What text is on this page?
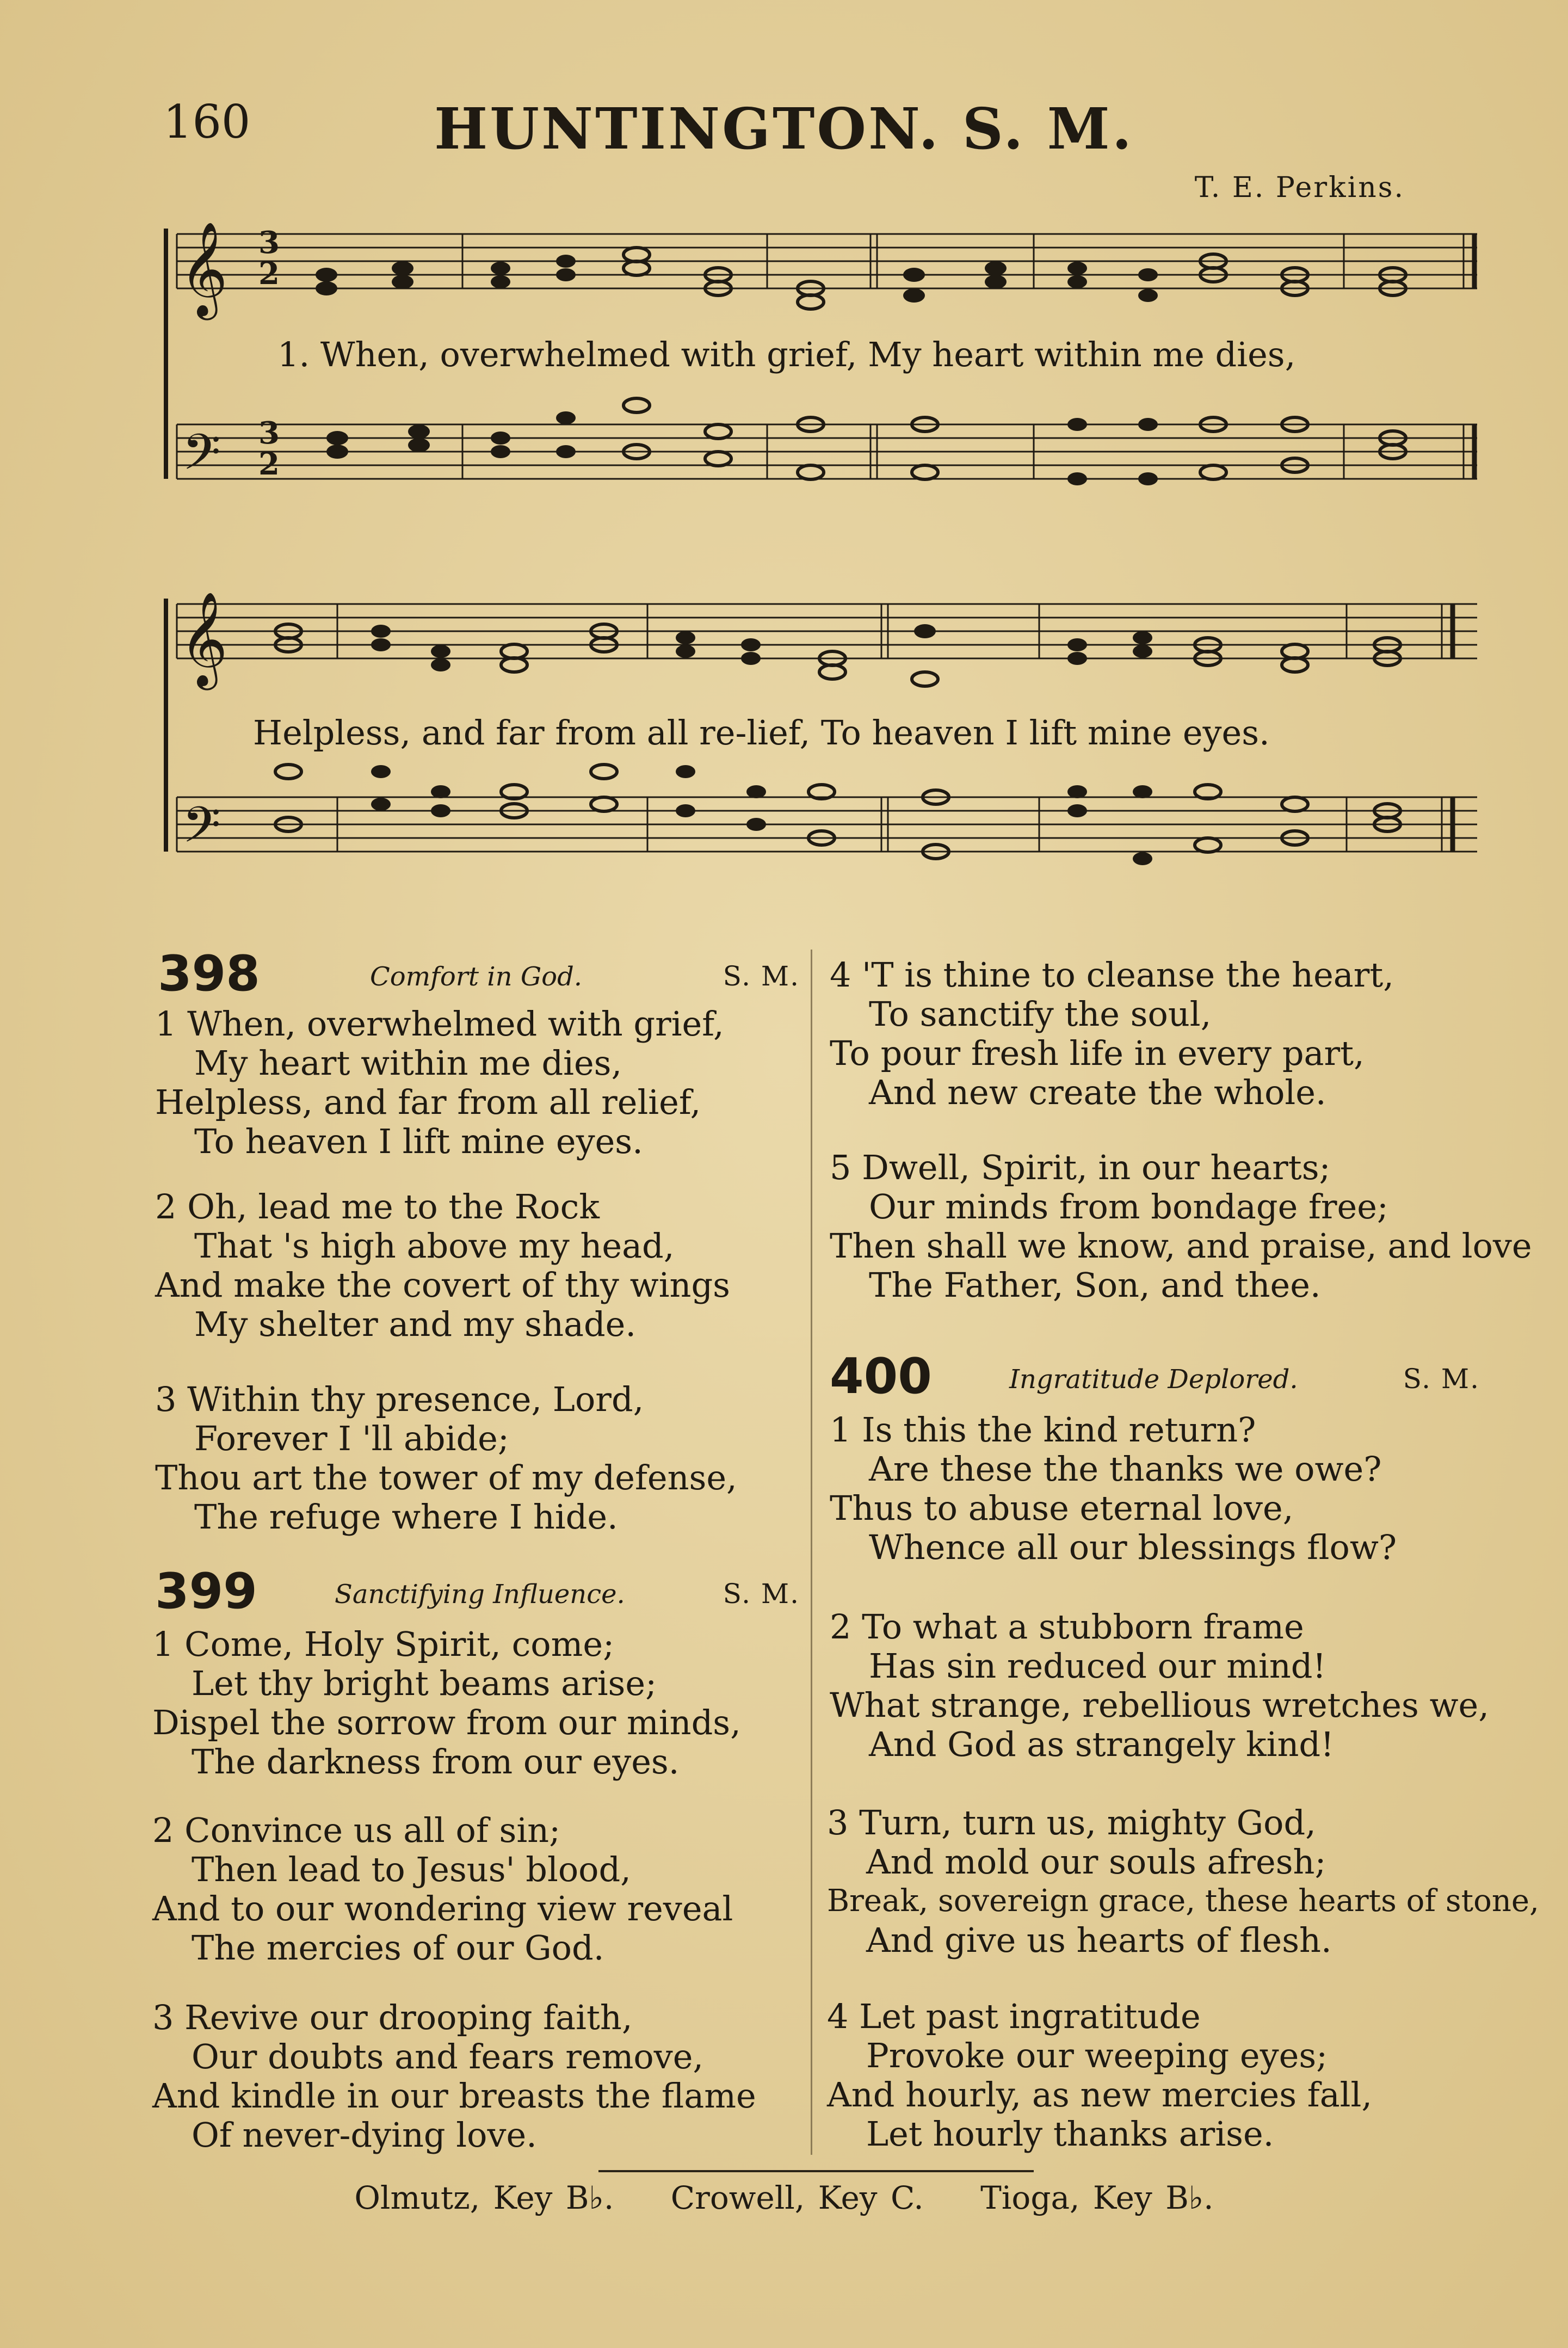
160	HUNTINGTON. S. M.
T. E. Perkins.
𝄞
𝄞
𝄢
𝄢
3
2
3
2
1. When, overwhelmed with grief, My heart within me dies,
Helpless, and far from all re-lief, To heaven I lift mine eyes.
398	Comfort in God.	S. M.
1 When, overwhelmed with grief,
My heart within me dies,
Helpless, and far from all relief,
To heaven I lift mine eyes.
2 Oh, lead me to the Rock
That 's high above my head,
And make the covert of thy wings
My shelter and my shade.
3 Within thy presence, Lord,
Forever I 'll abide;
Thou art the tower of my defense,
The refuge where I hide.
399	Sanctifying Influence.	S. M.
1 Come, Holy Spirit, come;
Let thy bright beams arise;
Dispel the sorrow from our minds,
The darkness from our eyes.
2 Convince us all of sin;
Then lead to Jesus' blood,
And to our wondering view reveal
The mercies of our God.
3 Revive our drooping faith,
Our doubts and fears remove,
And kindle in our breasts the flame
Of never-dying love.
4 'T is thine to cleanse the heart,
To sanctify the soul,
To pour fresh life in every part,
And new create the whole.
5 Dwell, Spirit, in our hearts;
Our minds from bondage free;
Then shall we know, and praise, and love
The Father, Son, and thee.
400	Ingratitude Deplored.	S. M.
1 Is this the kind return?
Are these the thanks we owe?
Thus to abuse eternal love,
Whence all our blessings flow?
2 To what a stubborn frame
Has sin reduced our mind!
What strange, rebellious wretches we,
And God as strangely kind!
3 Turn, turn us, mighty God,
And mold our souls afresh;
Break, sovereign grace, these hearts of stone,
And give us hearts of flesh.
4 Let past ingratitude
Provoke our weeping eyes;
And hourly, as new mercies fall,
Let hourly thanks arise.
Olmutz, Key B♭. Crowell, Key C. Tioga, Key B♭.
